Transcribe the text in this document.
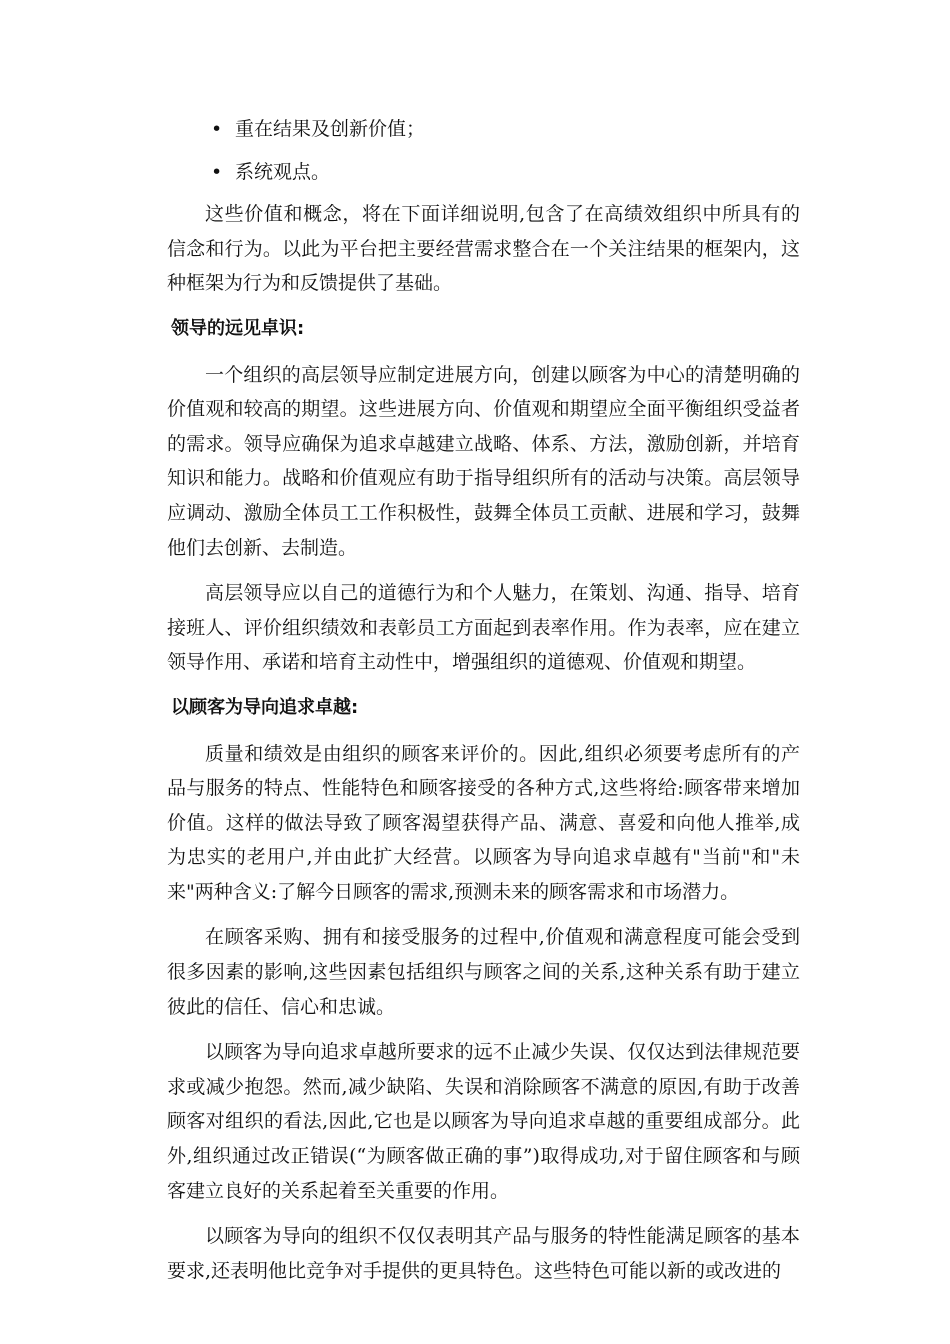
• 重在结果及创新价值；
• 系统观点。

这些价值和概念，将在下面详细说明,包含了在高绩效组织中所具有的信念和行为。以此为平台把主要经营需求整合在一个关注结果的框架内，这种框架为行为和反馈提供了基础。

领导的远见卓识:

一个组织的高层领导应制定进展方向，创建以顾客为中心的清楚明确的价值观和较高的期望。这些进展方向、价值观和期望应全面平衡组织受益者的需求。领导应确保为追求卓越建立战略、体系、方法，激励创新，并培育知识和能力。战略和价值观应有助于指导组织所有的活动与决策。高层领导应调动、激励全体员工工作积极性，鼓舞全体员工贡献、进展和学习，鼓舞他们去创新、去制造。

高层领导应以自己的道德行为和个人魅力，在策划、沟通、指导、培育接班人、评价组织绩效和表彰员工方面起到表率作用。作为表率，应在建立领导作用、承诺和培育主动性中，增强组织的道德观、价值观和期望。

以顾客为导向追求卓越:

质量和绩效是由组织的顾客来评价的。因此,组织必须要考虑所有的产品与服务的特点、性能特色和顾客接受的各种方式,这些将给:顾客带来增加价值。这样的做法导致了顾客渴望获得产品、满意、喜爱和向他人推举,成为忠实的老用户,并由此扩大经营。以顾客为导向追求卓越有"当前"和"未来"两种含义:了解今日顾客的需求,预测未来的顾客需求和市场潜力。

在顾客采购、拥有和接受服务的过程中,价值观和满意程度可能会受到很多因素的影响,这些因素包括组织与顾客之间的关系,这种关系有助于建立彼此的信任、信心和忠诚。

以顾客为导向追求卓越所要求的远不止减少失误、仅仅达到法律规范要求或减少抱怨。然而,减少缺陷、失误和消除顾客不满意的原因,有助于改善顾客对组织的看法,因此,它也是以顾客为导向追求卓越的重要组成部分。此外,组织通过改正错误(“为顾客做正确的事”)取得成功,对于留住顾客和与顾客建立良好的关系起着至关重要的作用。

以顾客为导向的组织不仅仅表明其产品与服务的特性能满足顾客的基本要求,还表明他比竞争对手提供的更具特色。这些特色可能以新的或改进的
